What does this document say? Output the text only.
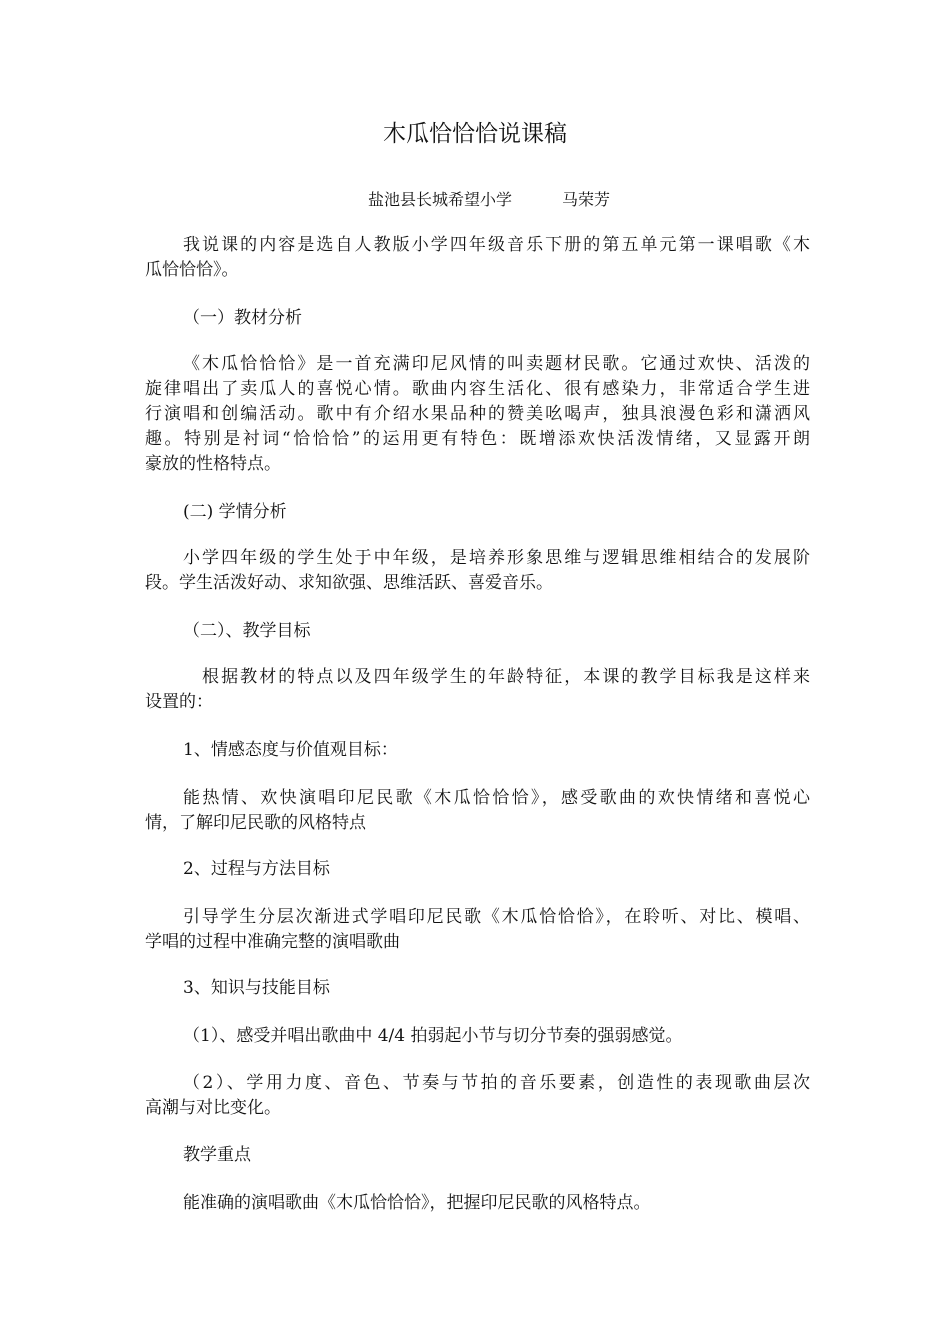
木瓜恰恰恰说课稿
盐池县长城希望小学	马荣芳
我说课的内容是选自人教版小学四年级音乐下册的第五单元第一课唱歌《木
瓜恰恰恰》。
（一）教材分析
《木瓜恰恰恰》是一首充满印尼风情的叫卖题材民歌。它通过欢快、活泼的
旋律唱出了卖瓜人的喜悦心情。歌曲内容生活化、很有感染力，非常适合学生进
行演唱和创编活动。歌中有介绍水果品种的赞美吆喝声，独具浪漫色彩和潇洒风
趣。特别是衬词“恰恰恰”的运用更有特色：既增添欢快活泼情绪，又显露开朗
豪放的性格特点。
(二) 学情分析
小学四年级的学生处于中年级，是培养形象思维与逻辑思维相结合的发展阶
段。学生活泼好动、求知欲强、思维活跃、喜爱音乐。
（二）、教学目标
根据教材的特点以及四年级学生的年龄特征，本课的教学目标我是这样来
设置的：
1、情感态度与价值观目标：
能热情、欢快演唱印尼民歌《木瓜恰恰恰》，感受歌曲的欢快情绪和喜悦心
情，了解印尼民歌的风格特点
2、过程与方法目标
引导学生分层次渐进式学唱印尼民歌《木瓜恰恰恰》，在聆听、对比、模唱、
学唱的过程中准确完整的演唱歌曲
3、知识与技能目标
（1）、感受并唱出歌曲中 4/4 拍弱起小节与切分节奏的强弱感觉。
（2）、学用力度、音色、节奏与节拍的音乐要素，创造性的表现歌曲层次
高潮与对比变化。
教学重点
能准确的演唱歌曲《木瓜恰恰恰》，把握印尼民歌的风格特点。
